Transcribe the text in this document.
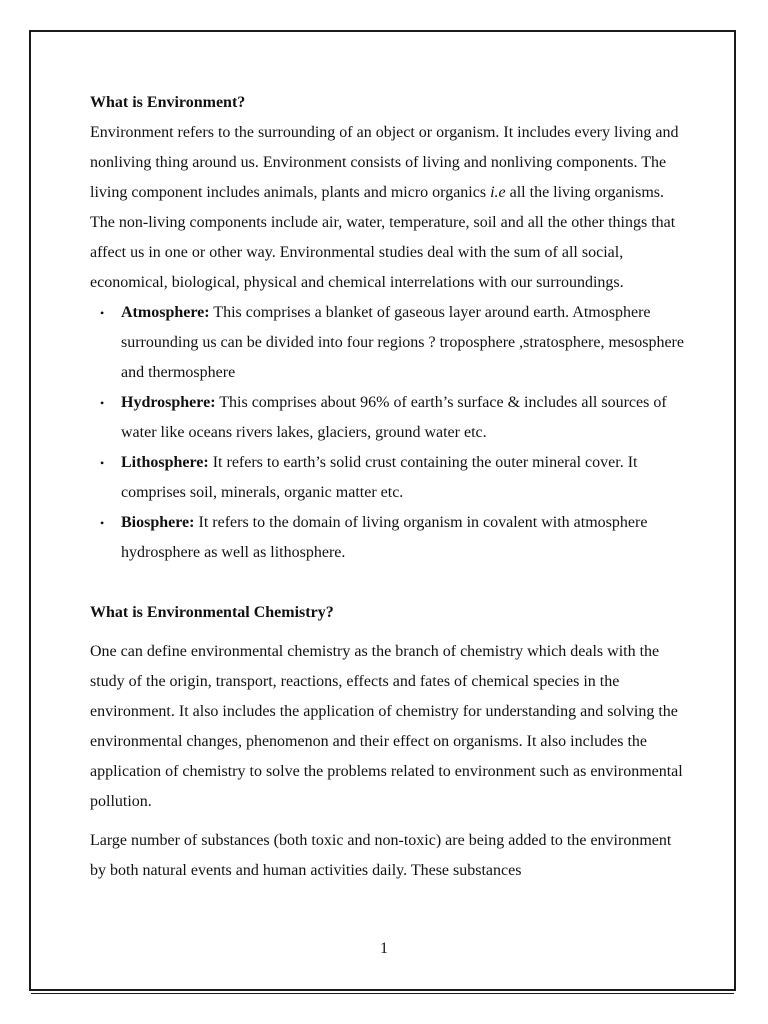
What is Environment?

Environment refers to the surrounding of an object or organism. It includes every living and nonliving thing around us. Environment consists of living and nonliving components. The living component includes animals, plants and micro organics i.e all the living organisms. The non-living components include air, water, temperature, soil and all the other things that affect us in one or other way. Environmental studies deal with the sum of all social, economical, biological, physical and chemical interrelations with our surroundings.

• Atmosphere: This comprises a blanket of gaseous layer around earth. Atmosphere surrounding us can be divided into four regions ? troposphere ,stratosphere, mesosphere and thermosphere
• Hydrosphere: This comprises about 96% of earth’s surface & includes all sources of water like oceans rivers lakes, glaciers, ground water etc.
• Lithosphere: It refers to earth’s solid crust containing the outer mineral cover. It comprises soil, minerals, organic matter etc.
• Biosphere: It refers to the domain of living organism in covalent with atmosphere hydrosphere as well as lithosphere.

What is Environmental Chemistry?

One can define environmental chemistry as the branch of chemistry which deals with the study of the origin, transport, reactions, effects and fates of chemical species in the environment. It also includes the application of chemistry for understanding and solving the environmental changes, phenomenon and their effect on organisms. It also includes the application of chemistry to solve the problems related to environment such as environmental pollution.

Large number of substances (both toxic and non-toxic) are being added to the environment by both natural events and human activities daily. These substances

1
